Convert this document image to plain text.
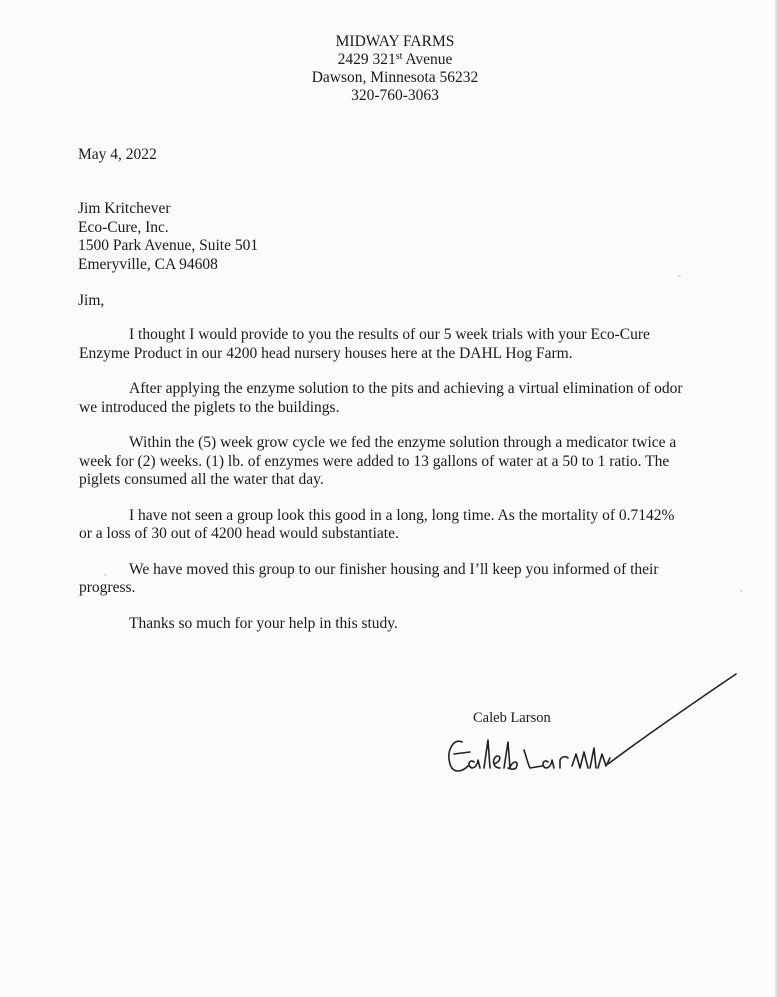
MIDWAY FARMS
2429 321st Avenue
Dawson, Minnesota 56232
320-760-3063
May 4, 2022
Jim Kritchever
Eco-Cure, Inc.
1500 Park Avenue, Suite 501
Emeryville, CA 94608
Jim,
I thought I would provide to you the results of our 5 week trials with your Eco-Cure
Enzyme Product in our 4200 head nursery houses here at the DAHL Hog Farm.
After applying the enzyme solution to the pits and achieving a virtual elimination of odor
we introduced the piglets to the buildings.
Within the (5) week grow cycle we fed the enzyme solution through a medicator twice a
week for (2) weeks. (1) lb. of enzymes were added to 13 gallons of water at a 50 to 1 ratio. The
piglets consumed all the water that day.
I have not seen a group look this good in a long, long time. As the mortality of 0.7142%
or a loss of 30 out of 4200 head would substantiate.
We have moved this group to our finisher housing and I’ll keep you informed of their
progress.
Thanks so much for your help in this study.
Caleb Larson
Caleb Larson
